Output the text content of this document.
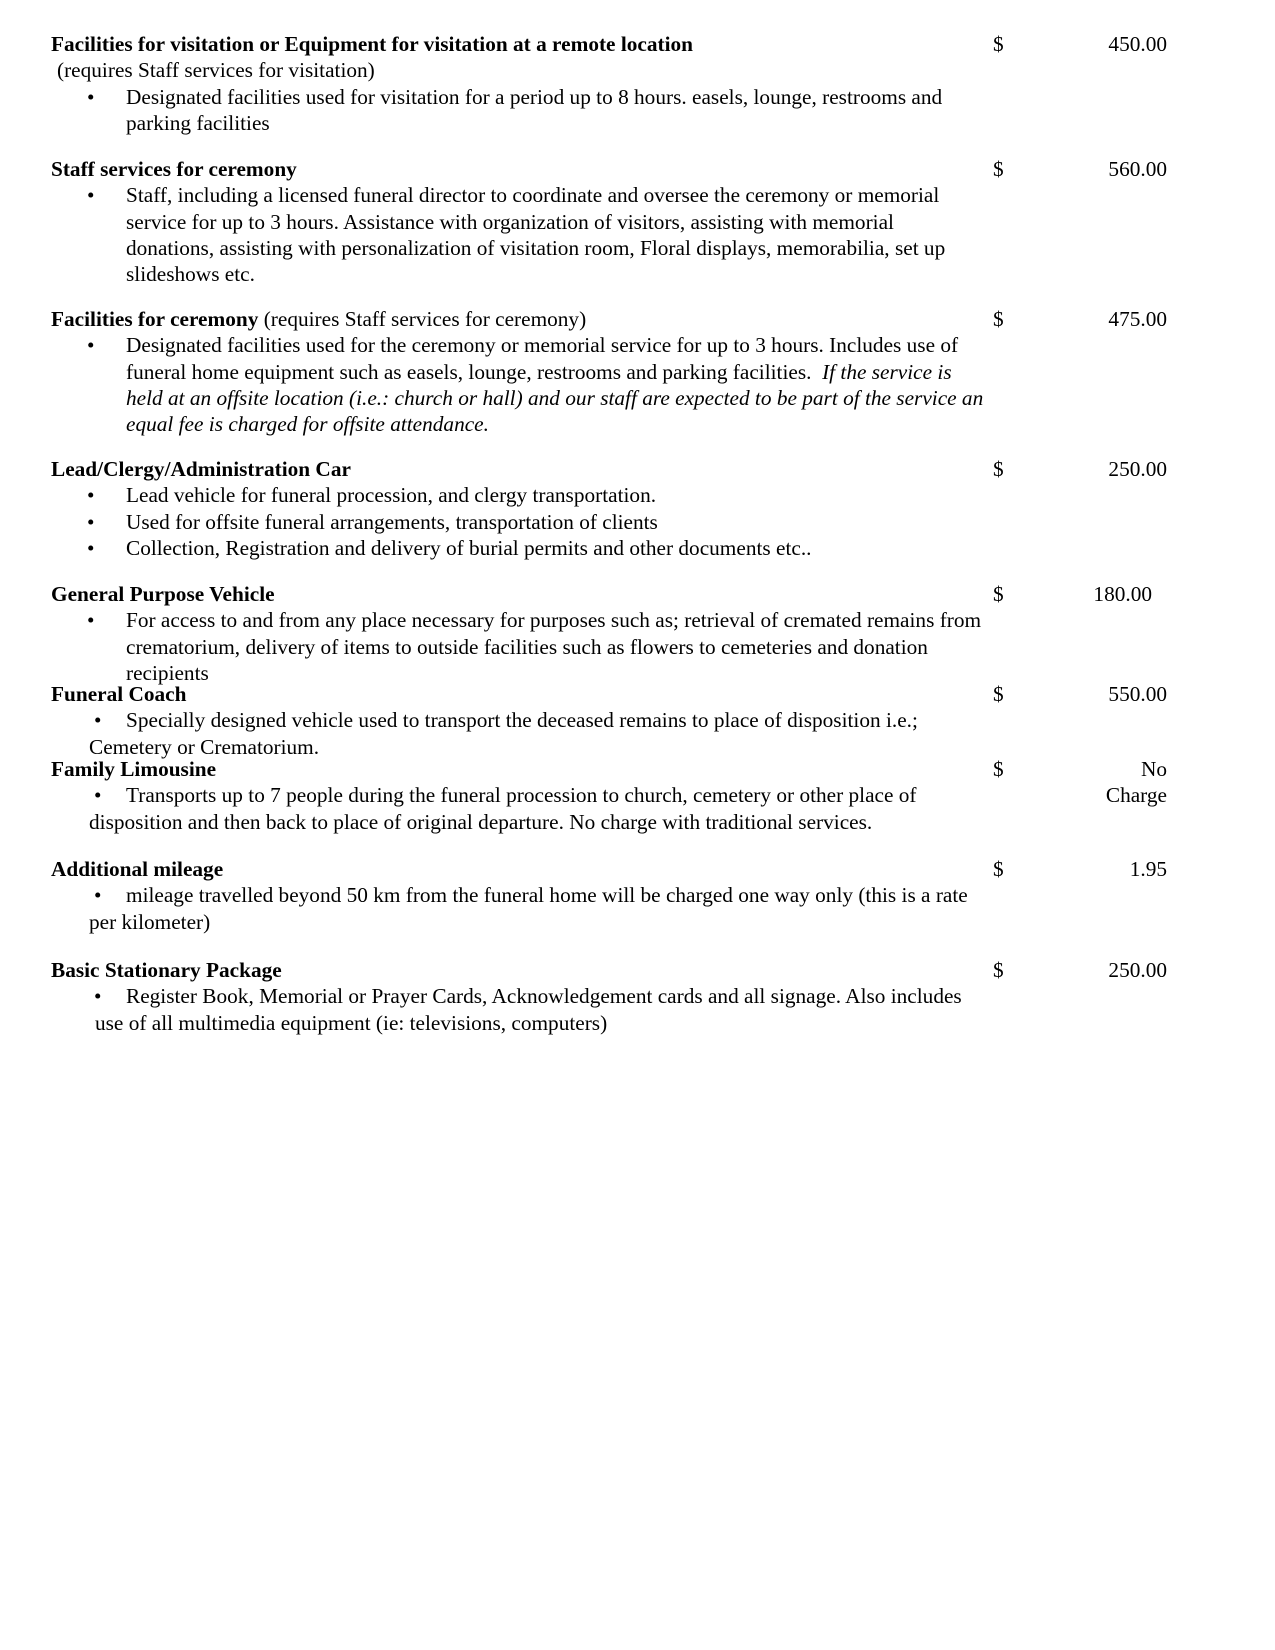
Facilities for visitation or Equipment for visitation at a remote location	$	450.00
(requires Staff services for visitation)
• Designated facilities used for visitation for a period up to 8 hours. easels, lounge, restrooms and parking facilities
Staff services for ceremony	$	560.00
• Staff, including a licensed funeral director to coordinate and oversee the ceremony or memorial service for up to 3 hours. Assistance with organization of visitors, assisting with memorial donations, assisting with personalization of visitation room, Floral displays, memorabilia, set up slideshows etc.
Facilities for ceremony (requires Staff services for ceremony)	$	475.00
• Designated facilities used for the ceremony or memorial service for up to 3 hours. Includes use of funeral home equipment such as easels, lounge, restrooms and parking facilities.  If the service is held at an offsite location (i.e.: church or hall) and our staff are expected to be part of the service an equal fee is charged for offsite attendance.
Lead/Clergy/Administration Car	$	250.00
• Lead vehicle for funeral procession, and clergy transportation.
• Used for offsite funeral arrangements, transportation of clients
• Collection, Registration and delivery of burial permits and other documents etc..
General Purpose Vehicle	$	180.00
• For access to and from any place necessary for purposes such as; retrieval of cremated remains from crematorium, delivery of items to outside facilities such as flowers to cemeteries and donation recipients
Funeral Coach	$	550.00
• Specially designed vehicle used to transport the deceased remains to place of disposition i.e.; Cemetery or Crematorium.
Family Limousine	$	No
Charge
• Transports up to 7 people during the funeral procession to church, cemetery or other place of disposition and then back to place of original departure. No charge with traditional services.
Additional mileage	$	1.95
• mileage travelled beyond 50 km from the funeral home will be charged one way only (this is a rate per kilometer)
Basic Stationary Package	$	250.00
• Register Book, Memorial or Prayer Cards, Acknowledgement cards and all signage. Also includes use of all multimedia equipment (ie: televisions, computers)
